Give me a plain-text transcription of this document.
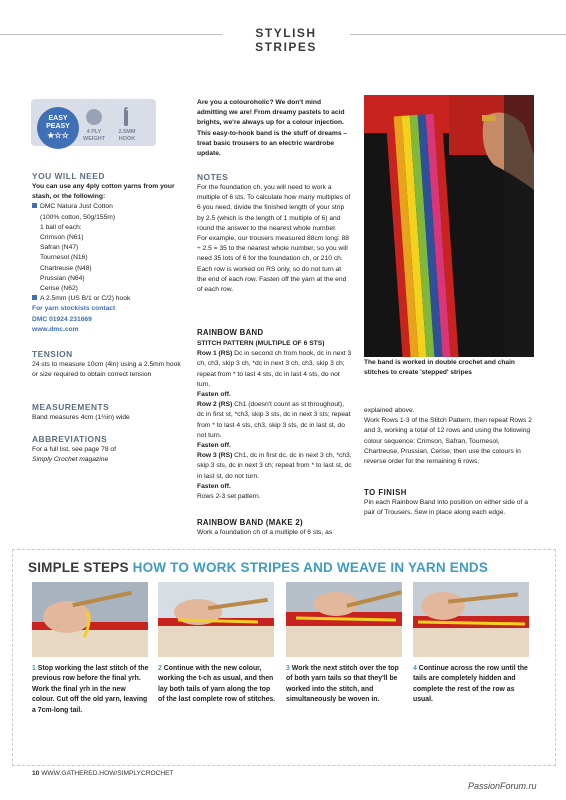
STYLISH STRIPES
EASY
PEASY
★☆☆	4 PLY
WEIGHT
2.5MM
HOOK
YOU WILL NEED
You can use any 4ply cotton yarns from your stash, or the following:
DMC Natura Just Cotton
(100% cotton, 50g/155m)
1 ball of each:
Crimson (N61)
Safran (N47)
Tournesol (N16)
Chartreuse (N48)
Prussian (N64)
Cerise (N62)
A 2.5mm (US B/1 or C/2) hook
For yarn stockists contact
DMC 01924 231669
www.dmc.com
TENSION
24 sts to measure 10cm (4in) using a 2.5mm hook or size required to obtain correct tension
MEASUREMENTS
Band measures 4cm (1½in) wide
ABBREVIATIONS
For a full list, see page 78 of
Simply Crochet magazine
Are you a colouroholic? We don't mind admitting we are! From dreamy pastels to acid brights, we're always up for a colour injection. This easy-to-hook band is the stuff of dreams – treat basic trousers to an electric wardrobe update.
NOTES
For the foundation ch, you will need to work a multiple of 6 sts. To calculate how many multiples of 6 you need, divide the finished length of your strip by 2.5 (which is the length of 1 multiple of 6) and round the answer to the nearest whole number.
For example, our trousers measured 88cm long: 88 ÷ 2.5 = 35 to the nearest whole number, so you will need 35 lots of 6 for the foundation ch, or 210 ch.
Each row is worked on RS only, so do not turn at the end of each row. Fasten off the yarn at the end of each row.
RAINBOW BAND
STITCH PATTERN (MULTIPLE OF 6 STS)
Row 1 (RS) Dc in second ch from hook, dc in next 3 ch, ch3, skip 3 ch, *dc in next 3 ch, ch3, skip 3 ch; repeat from * to last 4 sts, dc in last 4 sts, do not turn.
Fasten off.
Row 2 (RS) Ch1 (doesn't count as st throughout), dc in first st, *ch3, skip 3 sts, dc in next 3 sts; repeat from * to last 4 sts, ch3, skip 3 sts, dc in last st, do not turn.
Fasten off.
Row 3 (RS) Ch1, dc in first dc, dc in next 3 ch, *ch3, skip 3 sts, dc in next 3 ch; repeat from * to last st, dc in last st, do not turn.
Fasten off.
Rows 2-3 set pattern.
RAINBOW BAND (MAKE 2)
Work a foundation ch of a multiple of 6 sts, as
The band is worked in double crochet and chain stitches to create 'stepped' stripes
explained above.
Work Rows 1-3 of the Stitch Pattern, then repeat Rows 2 and 3, working a total of 12 rows and using the following colour sequence: Crimson, Safran, Tournesol, Chartreuse, Prussian, Cerise; then use the colours in reverse order for the remaining 6 rows.
TO FINISH
Pin each Rainbow Band into position on either side of a pair of Trousers. Sew in place along each edge.
SIMPLE STEPS HOW TO WORK STRIPES AND WEAVE IN YARN ENDS
1 Stop working the last stitch of the previous row before the final yrh. Work the final yrh in the new colour. Cut off the old yarn, leaving a 7cm-long tail.
2 Continue with the new colour, working the t-ch as usual, and then lay both tails of yarn along the top of the last complete row of stitches.
3 Work the next stitch over the top of both yarn tails so that they'll be worked into the stitch, and simultaneously be woven in.
4 Continue across the row until the tails are completely hidden and complete the rest of the row as usual.
10 WWW.GATHERED.HOW/SIMPLYCROCHET
PassionForum.ru
